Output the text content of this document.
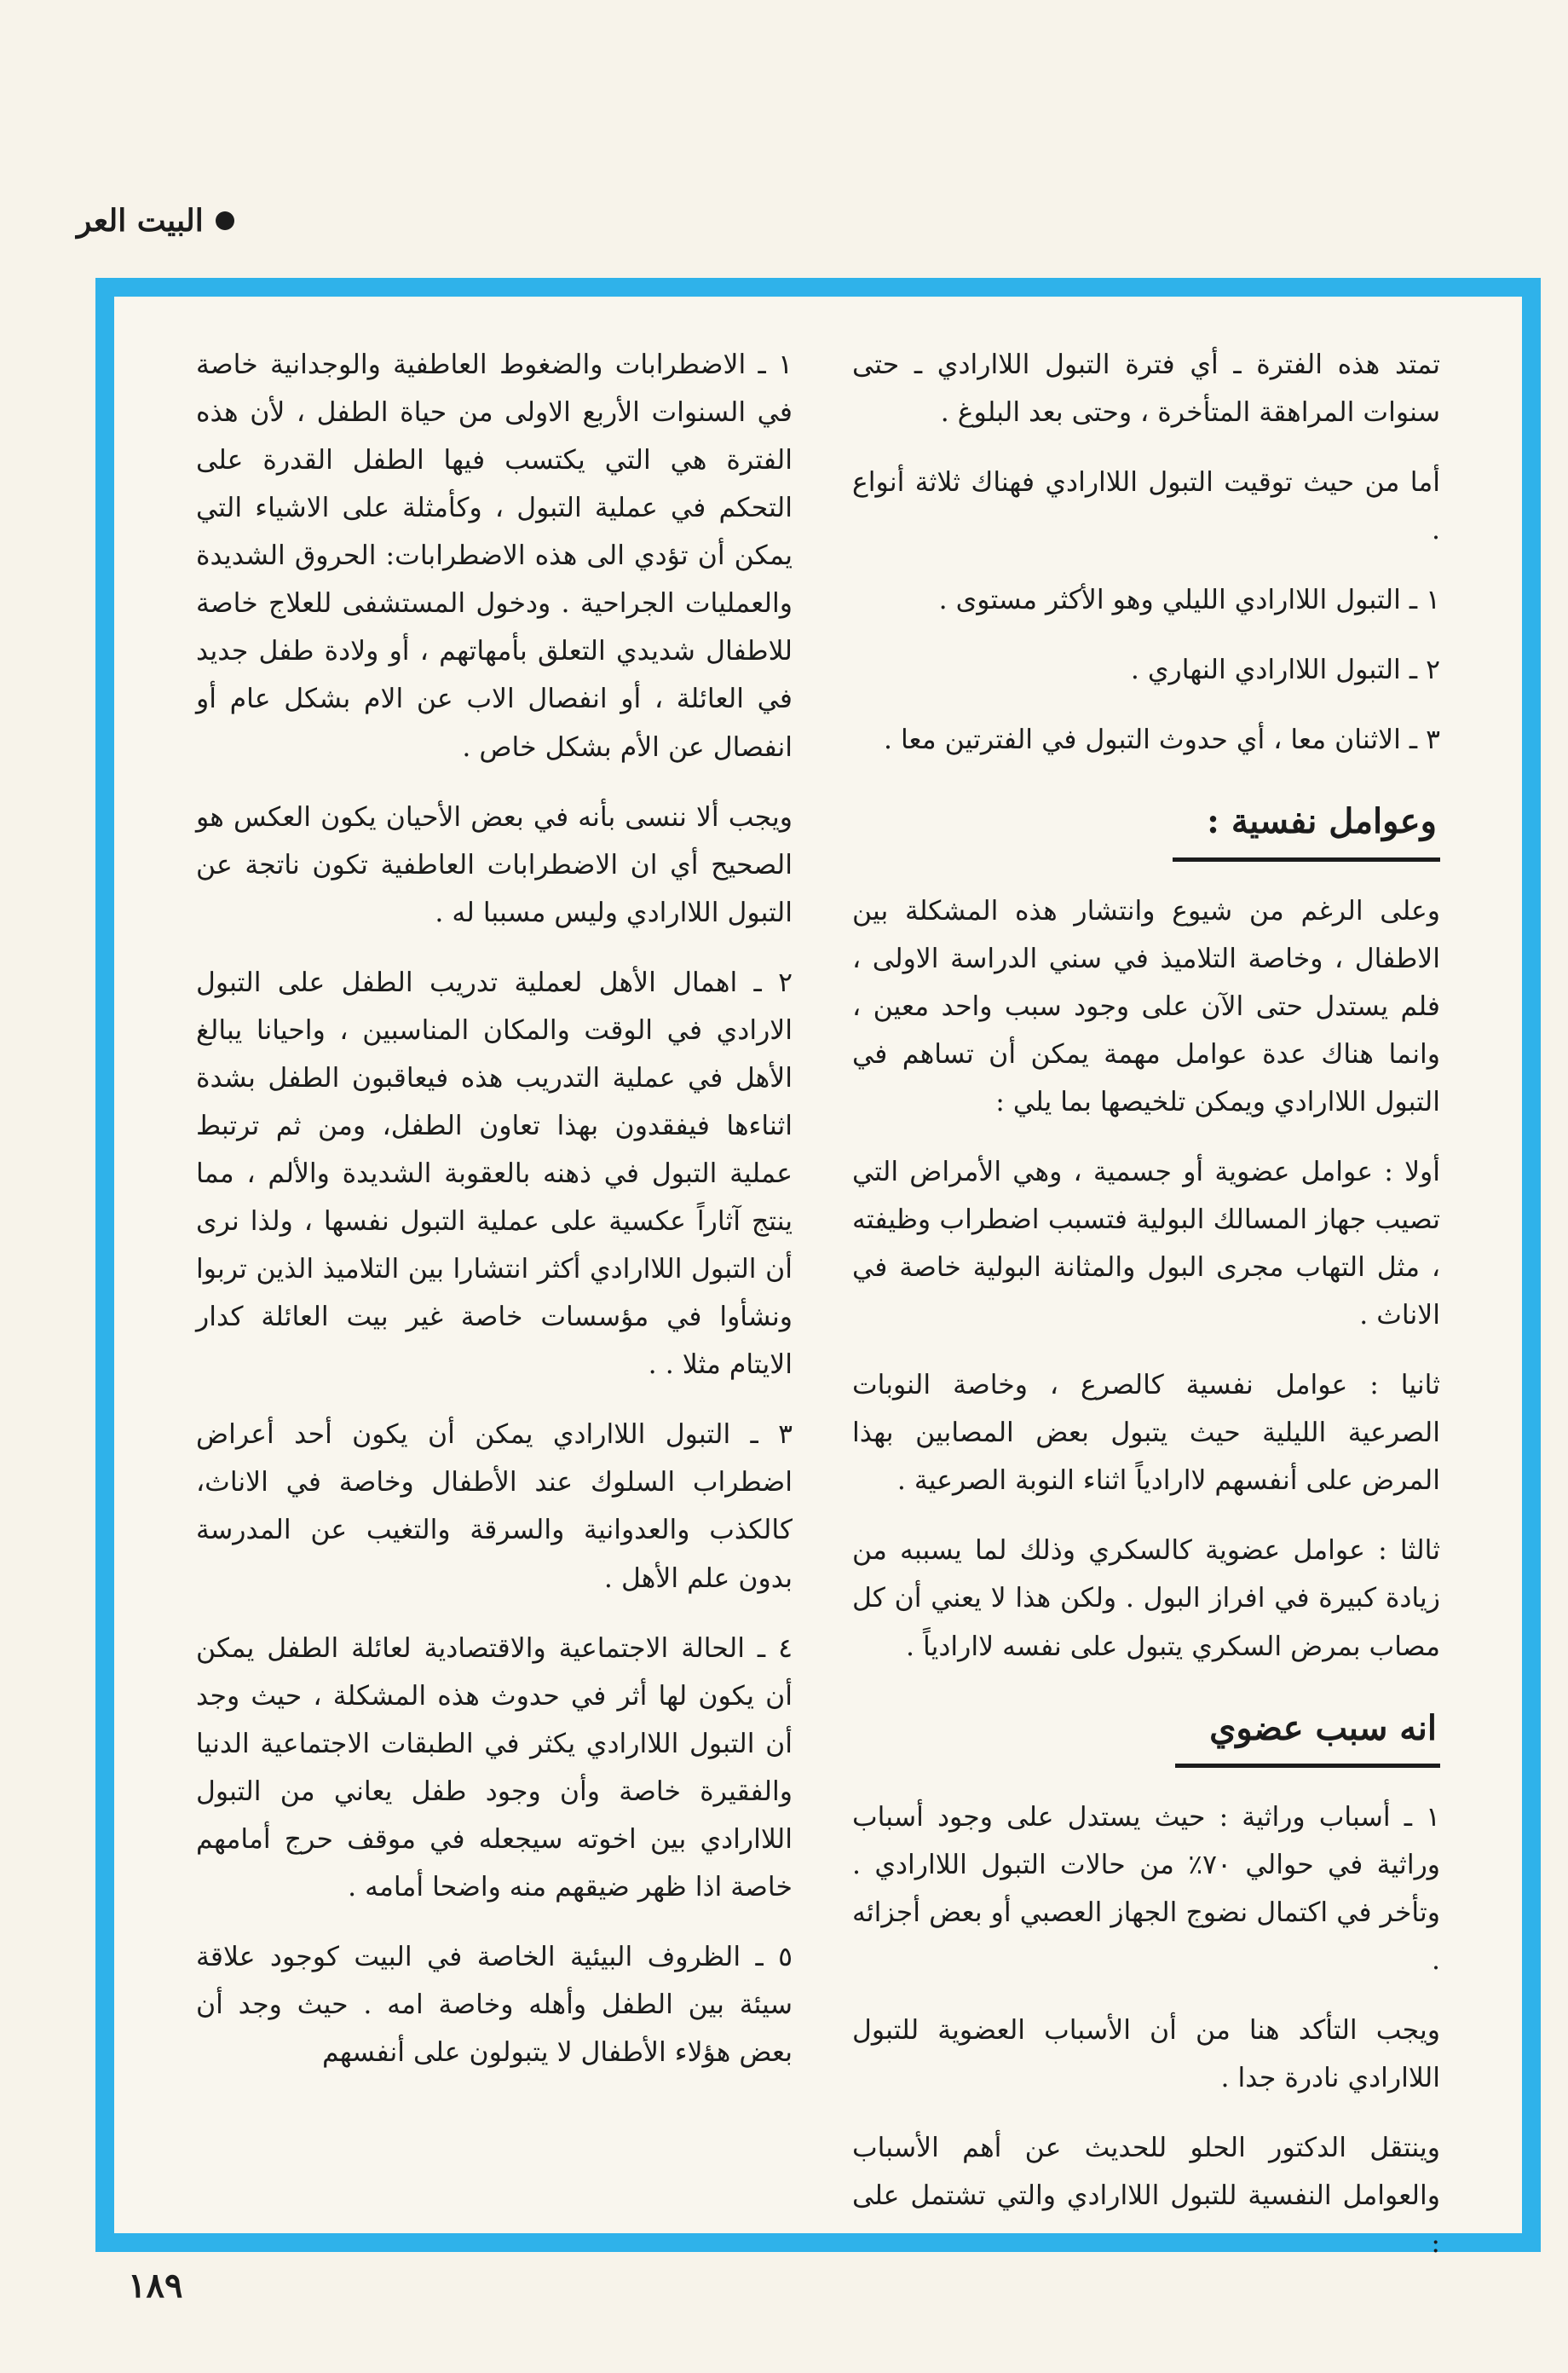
البيت العر

تمتد هذه الفترة ـ أي فترة التبول اللاارادي ـ حتى سنوات المراهقة المتأخرة ، وحتى بعد البلوغ .

أما من حيث توقيت التبول اللاارادي فهناك ثلاثة أنواع .

١ ـ التبول اللاارادي الليلي وهو الأكثر مستوى .

٢ ـ التبول اللاارادي النهاري .

٣ ـ الاثنان معا ، أي حدوث التبول في الفترتين معا .

وعوامل نفسية :

وعلى الرغم من شيوع وانتشار هذه المشكلة بين الاطفال ، وخاصة التلاميذ في سني الدراسة الاولى ، فلم يستدل حتى الآن على وجود سبب واحد معين ، وانما هناك عدة عوامل مهمة يمكن أن تساهم في التبول اللاارادي ويمكن تلخيصها بما يلي :

أولا : عوامل عضوية أو جسمية ، وهي الأمراض التي تصيب جهاز المسالك البولية فتسبب اضطراب وظيفته ، مثل التهاب مجرى البول والمثانة البولية خاصة في الاناث .

ثانيا : عوامل نفسية كالصرع ، وخاصة النوبات الصرعية الليلية حيث يتبول بعض المصابين بهذا المرض على أنفسهم لاارادياً اثناء النوبة الصرعية .

ثالثا : عوامل عضوية كالسكري وذلك لما يسببه من زيادة كبيرة في افراز البول . ولكن هذا لا يعني أن كل مصاب بمرض السكري يتبول على نفسه لاارادياً .

انه سبب عضوي

١ ـ أسباب وراثية : حيث يستدل على وجود أسباب وراثية في حوالي ٧٠٪ من حالات التبول اللاارادي . وتأخر في اكتمال نضوج الجهاز العصبي أو بعض أجزائه .

ويجب التأكد هنا من أن الأسباب العضوية للتبول اللاارادي نادرة جدا .

وينتقل الدكتور الحلو للحديث عن أهم الأسباب والعوامل النفسية للتبول اللاارادي والتي تشتمل على :

١ ـ الاضطرابات والضغوط العاطفية والوجدانية خاصة في السنوات الأربع الاولى من حياة الطفل ، لأن هذه الفترة هي التي يكتسب فيها الطفل القدرة على التحكم في عملية التبول ، وكأمثلة على الاشياء التي يمكن أن تؤدي الى هذه الاضطرابات: الحروق الشديدة والعمليات الجراحية . ودخول المستشفى للعلاج خاصة للاطفال شديدي التعلق بأمهاتهم ، أو ولادة طفل جديد في العائلة ، أو انفصال الاب عن الام بشكل عام أو انفصال عن الأم بشكل خاص .

ويجب ألا ننسى بأنه في بعض الأحيان يكون العكس هو الصحيح أي ان الاضطرابات العاطفية تكون ناتجة عن التبول اللاارادي وليس مسببا له .

٢ ـ اهمال الأهل لعملية تدريب الطفل على التبول الارادي في الوقت والمكان المناسبين ، واحيانا يبالغ الأهل في عملية التدريب هذه فيعاقبون الطفل بشدة اثناءها فيفقدون بهذا تعاون الطفل، ومن ثم ترتبط عملية التبول في ذهنه بالعقوبة الشديدة والألم ، مما ينتج آثاراً عكسية على عملية التبول نفسها ، ولذا نرى أن التبول اللاارادي أكثر انتشارا بين التلاميذ الذين تربوا ونشأوا في مؤسسات خاصة غير بيت العائلة كدار الايتام مثلا . .

٣ ـ التبول اللاارادي يمكن أن يكون أحد أعراض اضطراب السلوك عند الأطفال وخاصة في الاناث، كالكذب والعدوانية والسرقة والتغيب عن المدرسة بدون علم الأهل .

٤ ـ الحالة الاجتماعية والاقتصادية لعائلة الطفل يمكن أن يكون لها أثر في حدوث هذه المشكلة ، حيث وجد أن التبول اللاارادي يكثر في الطبقات الاجتماعية الدنيا والفقيرة خاصة وأن وجود طفل يعاني من التبول اللاارادي بين اخوته سيجعله في موقف حرج أمامهم خاصة اذا ظهر ضيقهم منه واضحا أمامه .

٥ ـ الظروف البيئية الخاصة في البيت كوجود علاقة سيئة بين الطفل وأهله وخاصة امه . حيث وجد أن بعض هؤلاء الأطفال لا يتبولون على أنفسهم

١٨٩
